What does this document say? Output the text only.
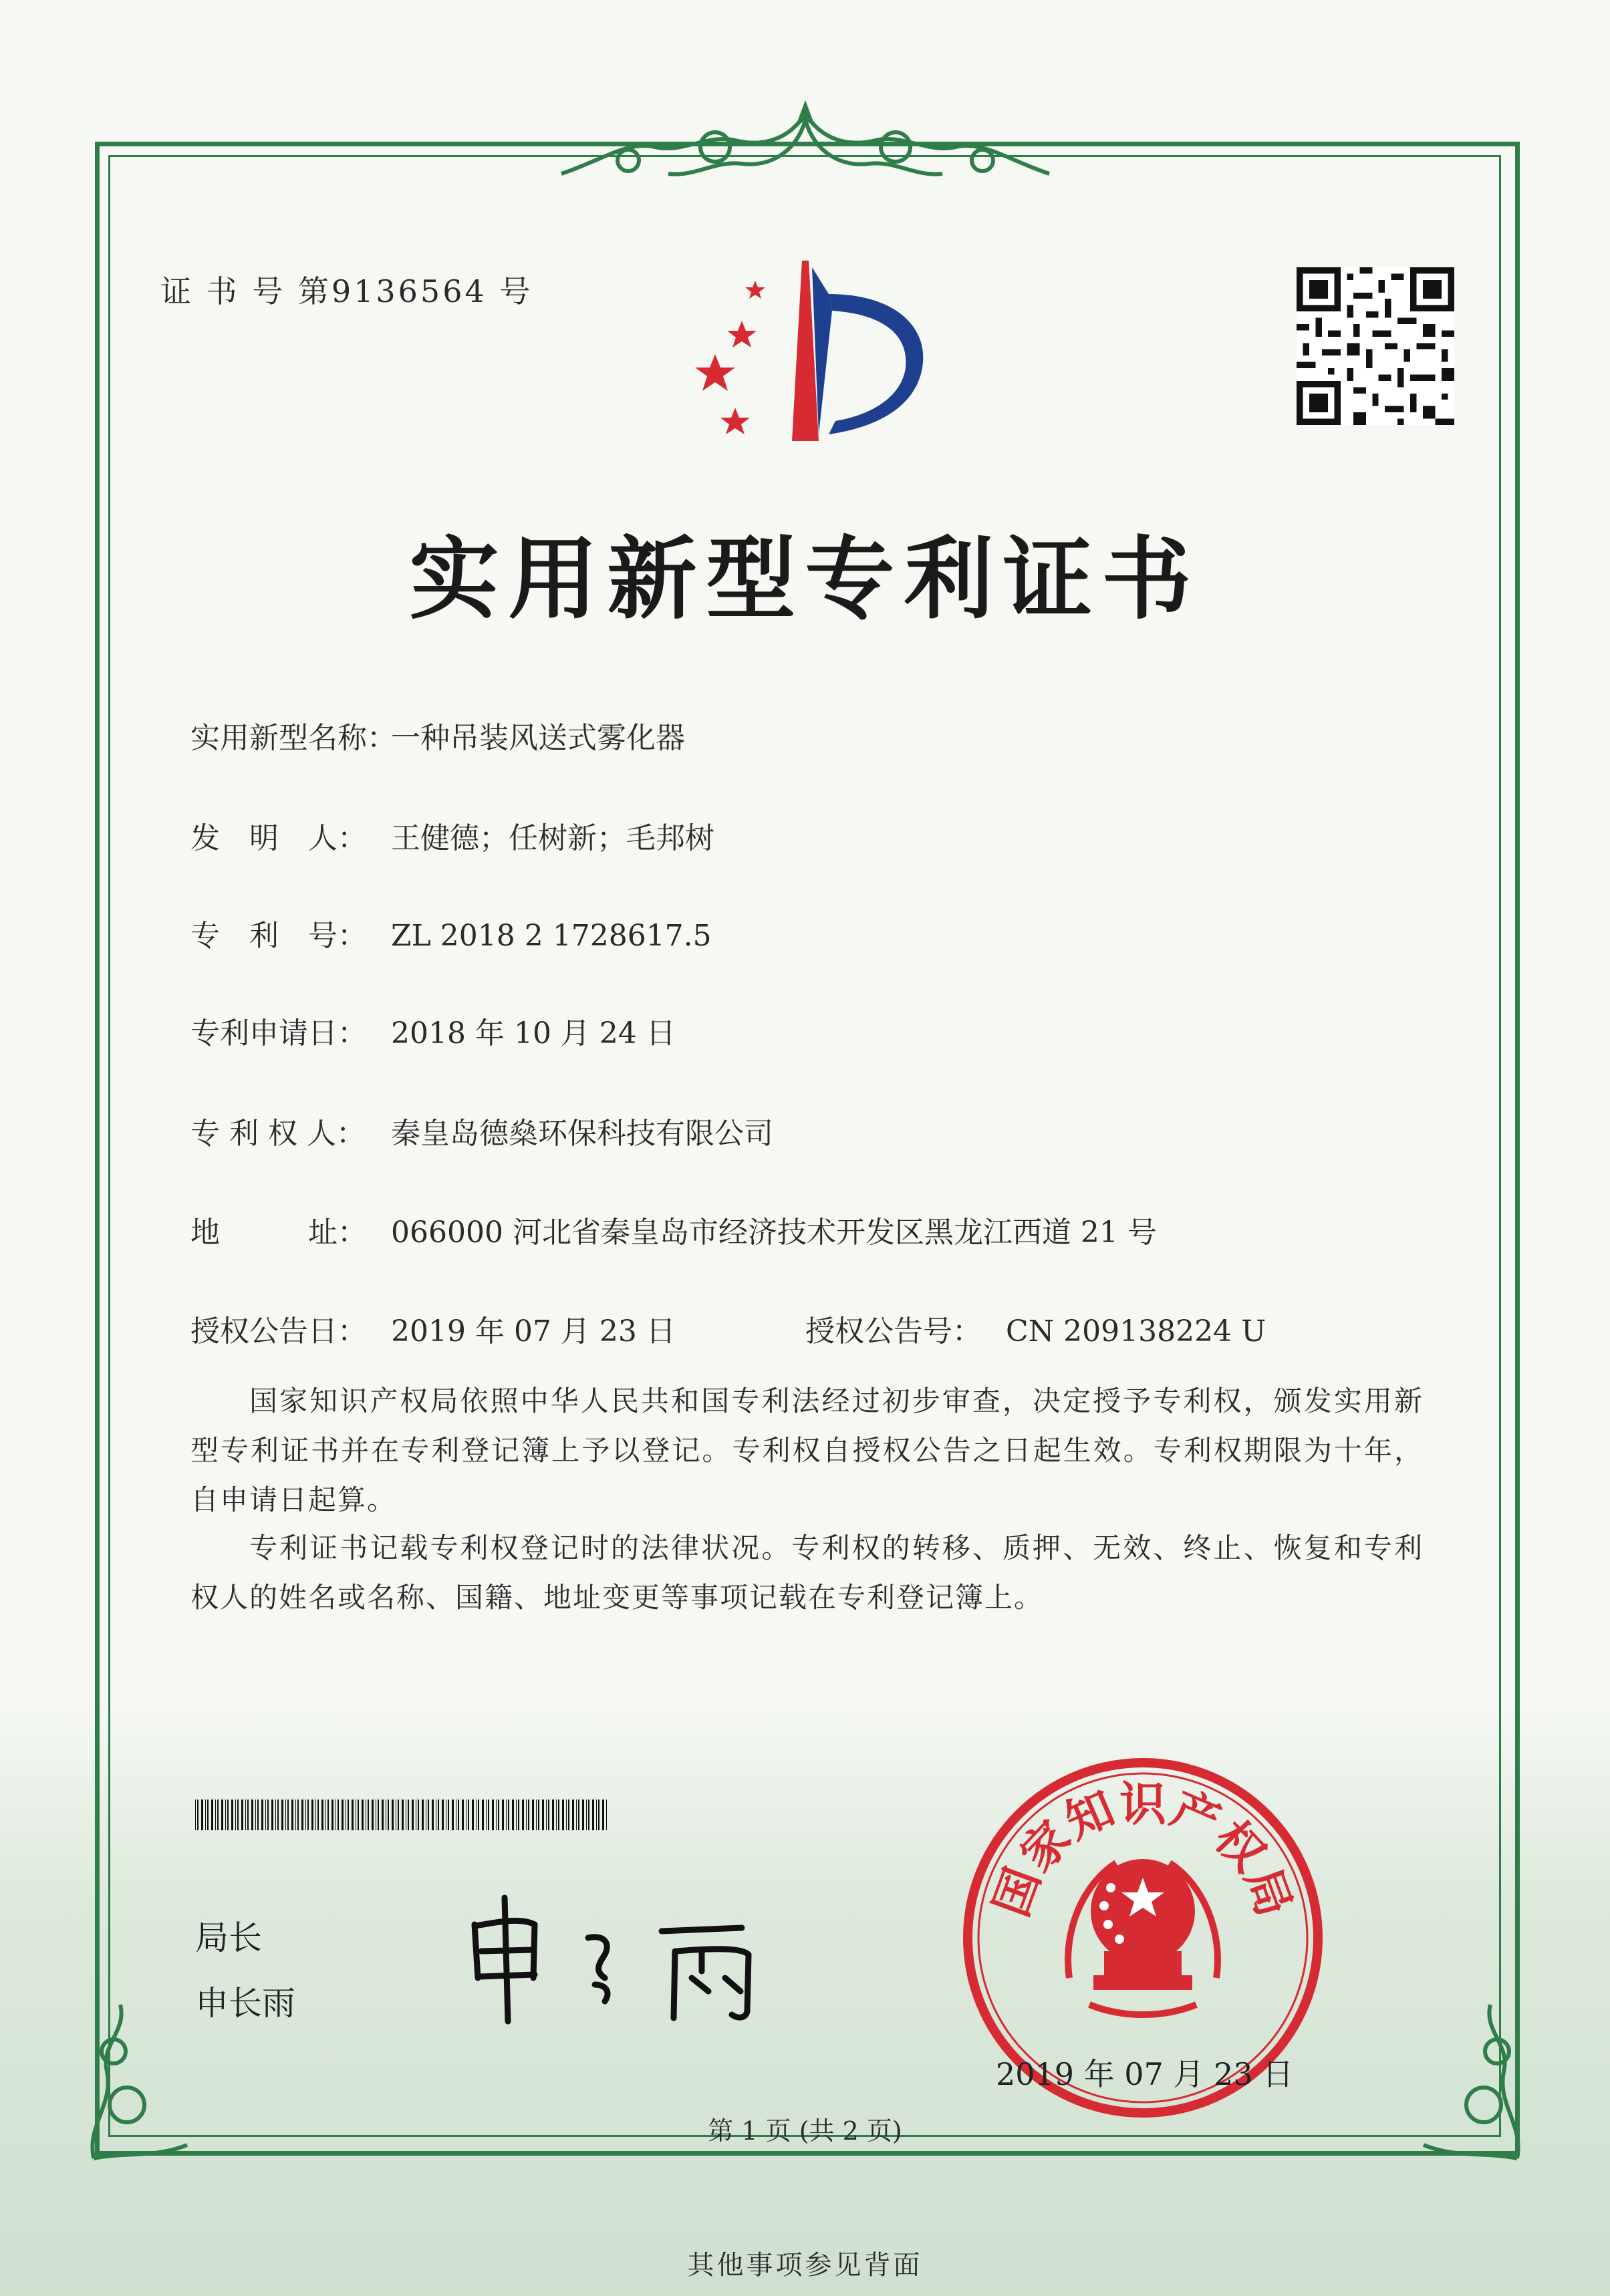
证 书 号 第9136564 号
实用新型专利证书
实用新型名称：一种吊装风送式雾化器
发　明　人： 王健德；任树新；毛邦树
专　利　号： ZL 2018 2 1728617.5
专利申请日： 2018 年 10 月 24 日
专 利 权 人： 秦皇岛德燊环保科技有限公司
地　　　址： 066000 河北省秦皇岛市经济技术开发区黑龙江西道 21 号
授权公告日： 2019 年 07 月 23 日	授权公告号： CN 209138224 U
国家知识产权局依照中华人民共和国专利法经过初步审查，决定授予专利权，颁发实用新型专利证书并在专利登记簿上予以登记。专利权自授权公告之日起生效。专利权期限为十年，自申请日起算。
专利证书记载专利权登记时的法律状况。专利权的转移、质押、无效、终止、恢复和专利权人的姓名或名称、国籍、地址变更等事项记载在专利登记簿上。
局长
申长雨
国
家
知
识
产
权
局
2019 年 07 月 23 日
第 1 页 (共 2 页)
其他事项参见背面
